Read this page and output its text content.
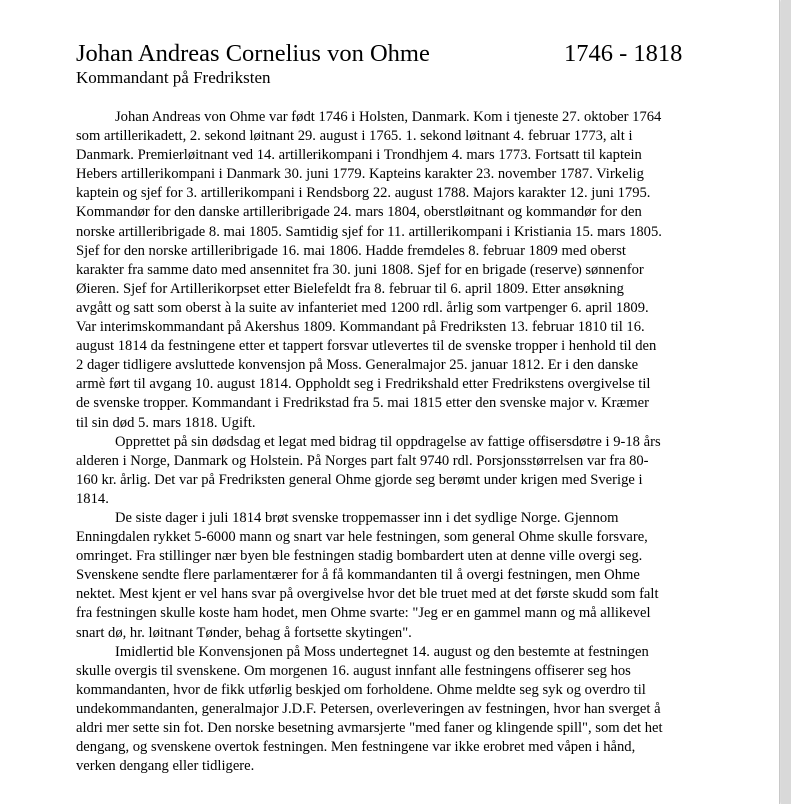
Johan Andreas Cornelius von Ohme	1746 - 1818
Kommandant på Fredriksten
Johan Andreas von Ohme var født 1746 i Holsten, Danmark. Kom i tjeneste 27. oktober 1764
som artillerikadett, 2. sekond løitnant 29. august i 1765. 1. sekond løitnant 4. februar 1773, alt i
Danmark. Premierløitnant ved 14. artillerikompani i Trondhjem 4. mars 1773. Fortsatt til kaptein
Hebers artillerikompani i Danmark 30. juni 1779. Kapteins karakter 23. november 1787. Virkelig
kaptein og sjef for 3. artillerikompani i Rendsborg 22. august 1788. Majors karakter 12. juni 1795.
Kommandør for den danske artilleribrigade 24. mars 1804, oberstløitnant og kommandør for den
norske artilleribrigade 8. mai 1805. Samtidig sjef for 11. artillerikompani i Kristiania 15. mars 1805.
Sjef for den norske artilleribrigade 16. mai 1806. Hadde fremdeles 8. februar 1809 med oberst
karakter fra samme dato med ansennitet fra 30. juni 1808. Sjef for en brigade (reserve) sønnenfor
Øieren. Sjef for Artillerikorpset etter Bielefeldt fra 8. februar til 6. april 1809. Etter ansøkning
avgått og satt som oberst à la suite av infanteriet med 1200 rdl. årlig som vartpenger 6. april 1809.
Var interimskommandant på Akershus 1809. Kommandant på Fredriksten 13. februar 1810 til 16.
august 1814 da festningene etter et tappert forsvar utlevertes til de svenske tropper i henhold til den
2 dager tidligere avsluttede konvensjon på Moss. Generalmajor 25. januar 1812. Er i den danske
armè ført til avgang 10. august 1814. Oppholdt seg i Fredrikshald etter Fredrikstens overgivelse til
de svenske tropper. Kommandant i Fredrikstad fra 5. mai 1815 etter den svenske major v. Kræmer
til sin død 5. mars 1818. Ugift.
Opprettet på sin dødsdag et legat med bidrag til oppdragelse av fattige offisersdøtre i 9-18 års
alderen i Norge, Danmark og Holstein. På Norges part falt 9740 rdl. Porsjonsstørrelsen var fra 80-
160 kr. årlig. Det var på Fredriksten general Ohme gjorde seg berømt under krigen med Sverige i
1814.
De siste dager i juli 1814 brøt svenske troppemasser inn i det sydlige Norge. Gjennom
Enningdalen rykket 5-6000 mann og snart var hele festningen, som general Ohme skulle forsvare,
omringet. Fra stillinger nær byen ble festningen stadig bombardert uten at denne ville overgi seg.
Svenskene sendte flere parlamentærer for å få kommandanten til å overgi festningen, men Ohme
nektet. Mest kjent er vel hans svar på overgivelse hvor det ble truet med at det første skudd som falt
fra festningen skulle koste ham hodet, men Ohme svarte: "Jeg er en gammel mann og må allikevel
snart dø, hr. løitnant Tønder, behag å fortsette skytingen".
Imidlertid ble Konvensjonen på Moss undertegnet 14. august og den bestemte at festningen
skulle overgis til svenskene. Om morgenen 16. august innfant alle festningens offiserer seg hos
kommandanten, hvor de fikk utførlig beskjed om forholdene. Ohme meldte seg syk og overdro til
undekommandanten, generalmajor J.D.F. Petersen, overleveringen av festningen, hvor han sverget å
aldri mer sette sin fot. Den norske besetning avmarsjerte "med faner og klingende spill", som det het
dengang, og svenskene overtok festningen. Men festningene var ikke erobret med våpen i hånd,
verken dengang eller tidligere.
